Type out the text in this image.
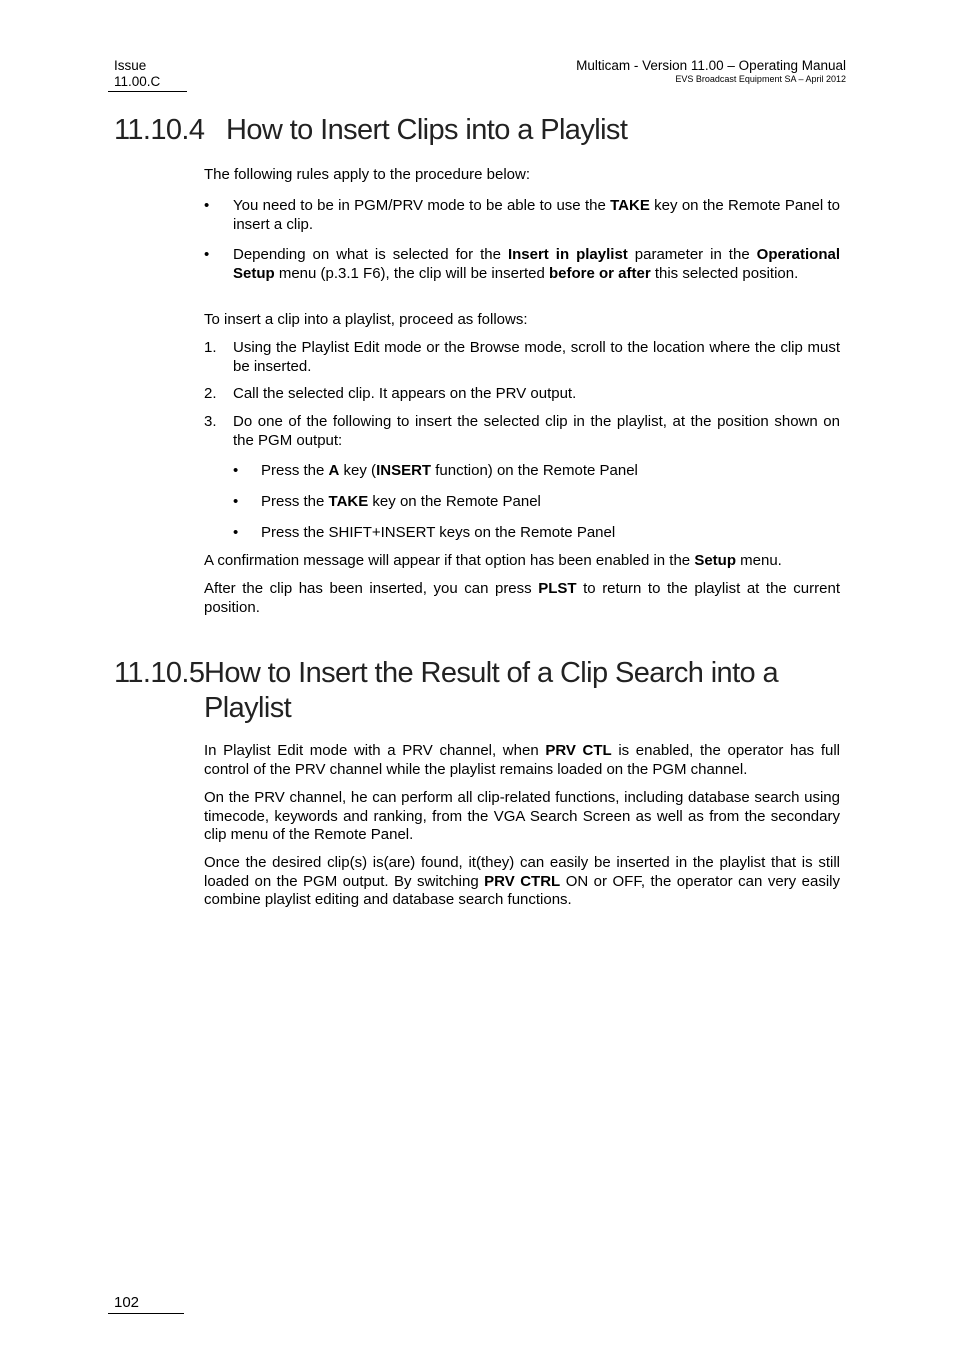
Issue
11.00.C
Multicam - Version 11.00 – Operating Manual
EVS Broadcast Equipment SA – April 2012
11.10.4 How to Insert Clips into a Playlist

The following rules apply to the procedure below:

• You need to be in PGM/PRV mode to be able to use the TAKE key on the Remote Panel to insert a clip.
• Depending on what is selected for the Insert in playlist parameter in the Operational Setup menu (p.3.1 F6), the clip will be inserted before or after this selected position.

To insert a clip into a playlist, proceed as follows:

1. Using the Playlist Edit mode or the Browse mode, scroll to the location where the clip must be inserted.
2. Call the selected clip. It appears on the PRV output.
3. Do one of the following to insert the selected clip in the playlist, at the position shown on the PGM output:
• Press the A key (INSERT function) on the Remote Panel
• Press the TAKE key on the Remote Panel
• Press the SHIFT+INSERT keys on the Remote Panel

A confirmation message will appear if that option has been enabled in the Setup menu.

After the clip has been inserted, you can press PLST to return to the playlist at the current position.

11.10.5How to Insert the Result of a Clip Search into a
Playlist

In Playlist Edit mode with a PRV channel, when PRV CTL is enabled, the operator has full control of the PRV channel while the playlist remains loaded on the PGM channel.

On the PRV channel, he can perform all clip-related functions, including database search using timecode, keywords and ranking, from the VGA Search Screen as well as from the secondary clip menu of the Remote Panel.

Once the desired clip(s) is(are) found, it(they) can easily be inserted in the playlist that is still loaded on the PGM output. By switching PRV CTRL ON or OFF, the operator can very easily combine playlist editing and database search functions.

102
